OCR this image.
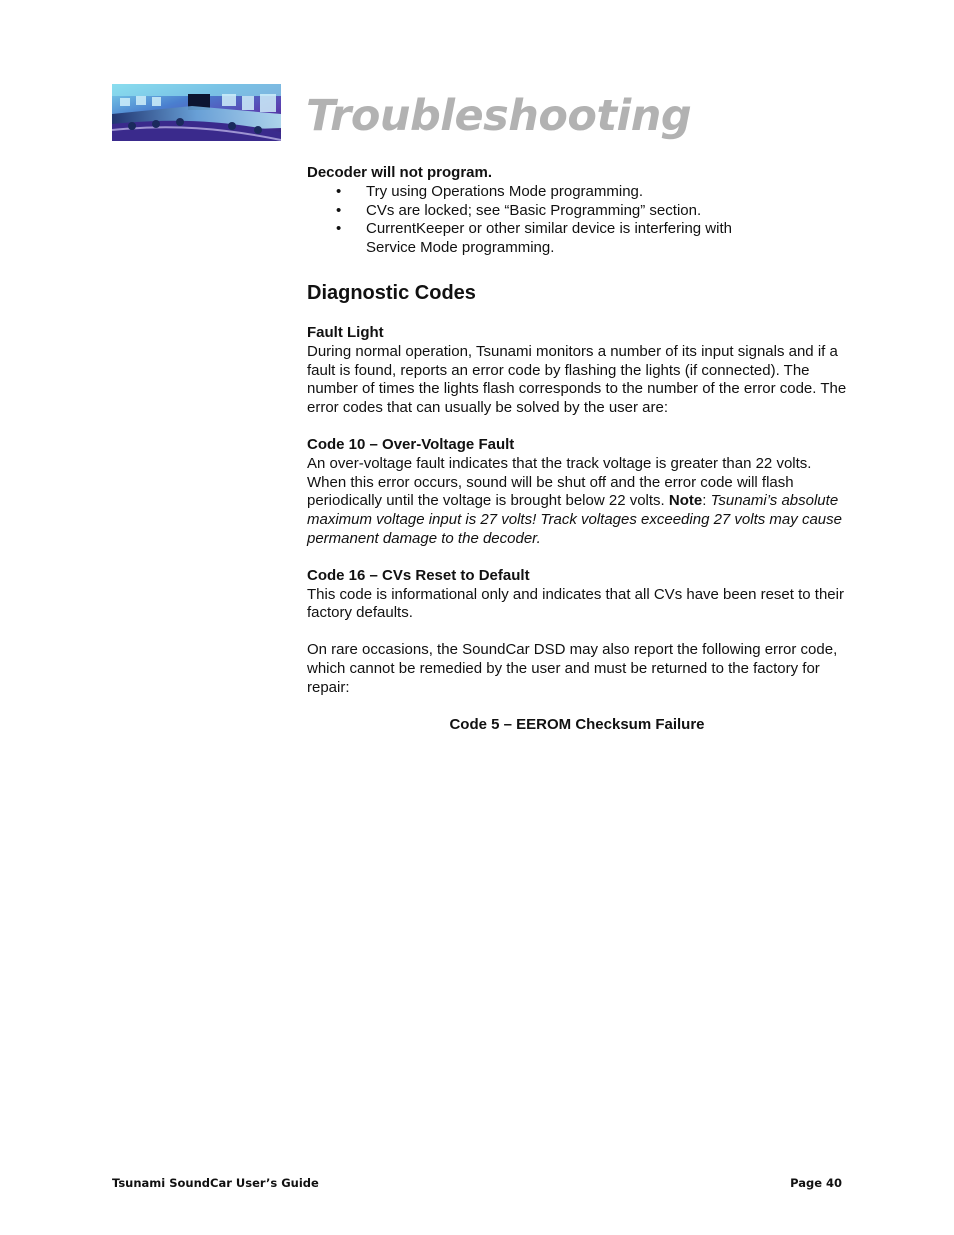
Troubleshooting

Decoder will not program.

• Try using Operations Mode programming.
• CVs are locked; see “Basic Programming” section.
• CurrentKeeper or other similar device is interfering with
Service Mode programming.
Diagnostic Codes

Fault Light

During normal operation, Tsunami monitors a number of its input signals and if a fault is found, reports an error code by flashing the lights (if connected). The number of times the lights flash corresponds to the number of the error code. The error codes that can usually be solved by the user are:

Code 10 – Over-Voltage Fault

An over-voltage fault indicates that the track voltage is greater than 22 volts. When this error occurs, sound will be shut off and the error code will flash periodically until the voltage is brought below 22 volts. Note: Tsunami’s absolute maximum voltage input is 27 volts! Track voltages exceeding 27 volts may cause permanent damage to the decoder.

Code 16 – CVs Reset to Default

This code is informational only and indicates that all CVs have been reset to their factory defaults.

On rare occasions, the SoundCar DSD may also report the following error code, which cannot be remedied by the user and must be returned to the factory for repair:

Code 5 – EEROM Checksum Failure

Tsunami SoundCar User’s Guide	Page 40
